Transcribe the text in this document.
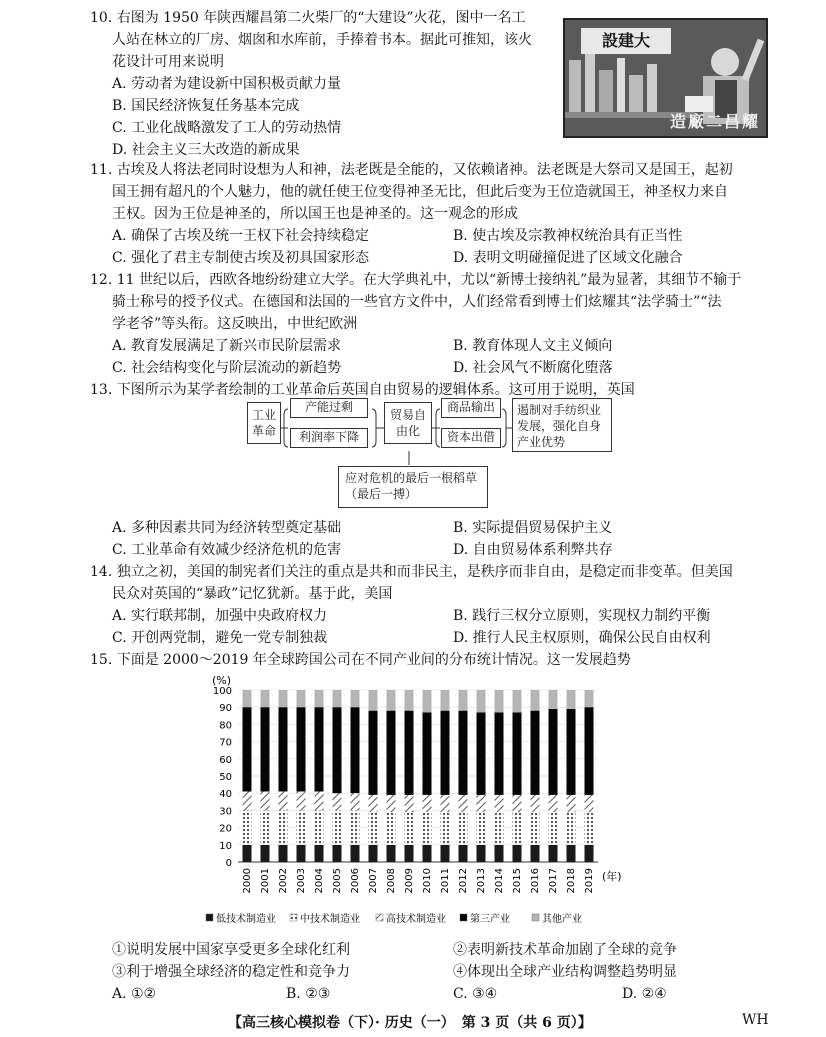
10. 右图为 1950 年陕西耀昌第二火柴厂的“大建设”火花，图中一名工
人站在林立的厂房、烟囱和水库前，手捧着书本。据此可推知，该火
花设计可用来说明
A. 劳动者为建设新中国积极贡献力量
B. 国民经济恢复任务基本完成
C. 工业化战略激发了工人的劳动热情
D. 社会主义三大改造的新成果
設建大
造廠二昌耀
11. 古埃及人将法老同时设想为人和神，法老既是全能的，又依赖诸神。法老既是大祭司又是国王，起初
国王拥有超凡的个人魅力，他的就任使王位变得神圣无比，但此后变为王位造就国王，神圣权力来自
王权。因为王位是神圣的，所以国王也是神圣的。这一观念的形成
A. 确保了古埃及统一王权下社会持续稳定	B. 使古埃及宗教神权统治具有正当性
C. 强化了君主专制使古埃及初具国家形态	D. 表明文明碰撞促进了区域文化融合
12. 11 世纪以后，西欧各地纷纷建立大学。在大学典礼中，尤以“新博士接纳礼”最为显著，其细节不输于
骑士称号的授予仪式。在德国和法国的一些官方文件中，人们经常看到博士们炫耀其“法学骑士”“法
学老爷”等头衔。这反映出，中世纪欧洲
A. 教育发展满足了新兴市民阶层需求	B. 教育体现人文主义倾向
C. 社会结构变化与阶层流动的新趋势	D. 社会风气不断腐化堕落
13. 下图所示为某学者绘制的工业革命后英国自由贸易的逻辑体系。这可用于说明，英国
工业革命
产能过剩
利润率下降
贸易自由化
商品输出
资本出借
遏制对手纺织业发展，强化自身产业优势
应对危机的最后一根稻草（最后一搏）
A. 多种因素共同为经济转型奠定基础	B. 实际提倡贸易保护主义
C. 工业革命有效减少经济危机的危害	D. 自由贸易体系利弊共存
14. 独立之初，美国的制宪者们关注的重点是共和而非民主，是秩序而非自由，是稳定而非变革。但美国
民众对英国的“暴政”记忆犹新。基于此，美国
A. 实行联邦制，加强中央政府权力	B. 践行三权分立原则，实现权力制约平衡
C. 开创两党制，避免一党专制独裁	D. 推行人民主权原则，确保公民自由权利
15. 下面是 2000～2019 年全球跨国公司在不同产业间的分布统计情况。这一发展趋势
(%)
0
10
20
30
40
50
60
70
80
90
100
2000 2001 2002 2003 2004 2005 2006 2007 2008 2009 2010 2011 2012 2013 2014 2015 2016 2017 2018 2019 (年)
低技术制造业 中技术制造业	高技术制造业 第三产业	其他产业
①说明发展中国家享受更多全球化红利	②表明新技术革命加剧了全球的竞争
③利于增强全球经济的稳定性和竞争力	④体现出全球产业结构调整趋势明显
A. ①②	B. ②③	C. ③④	D. ②④
【高三核心模拟卷（下）· 历史（一）　第 3 页（共 6 页）】	WH
